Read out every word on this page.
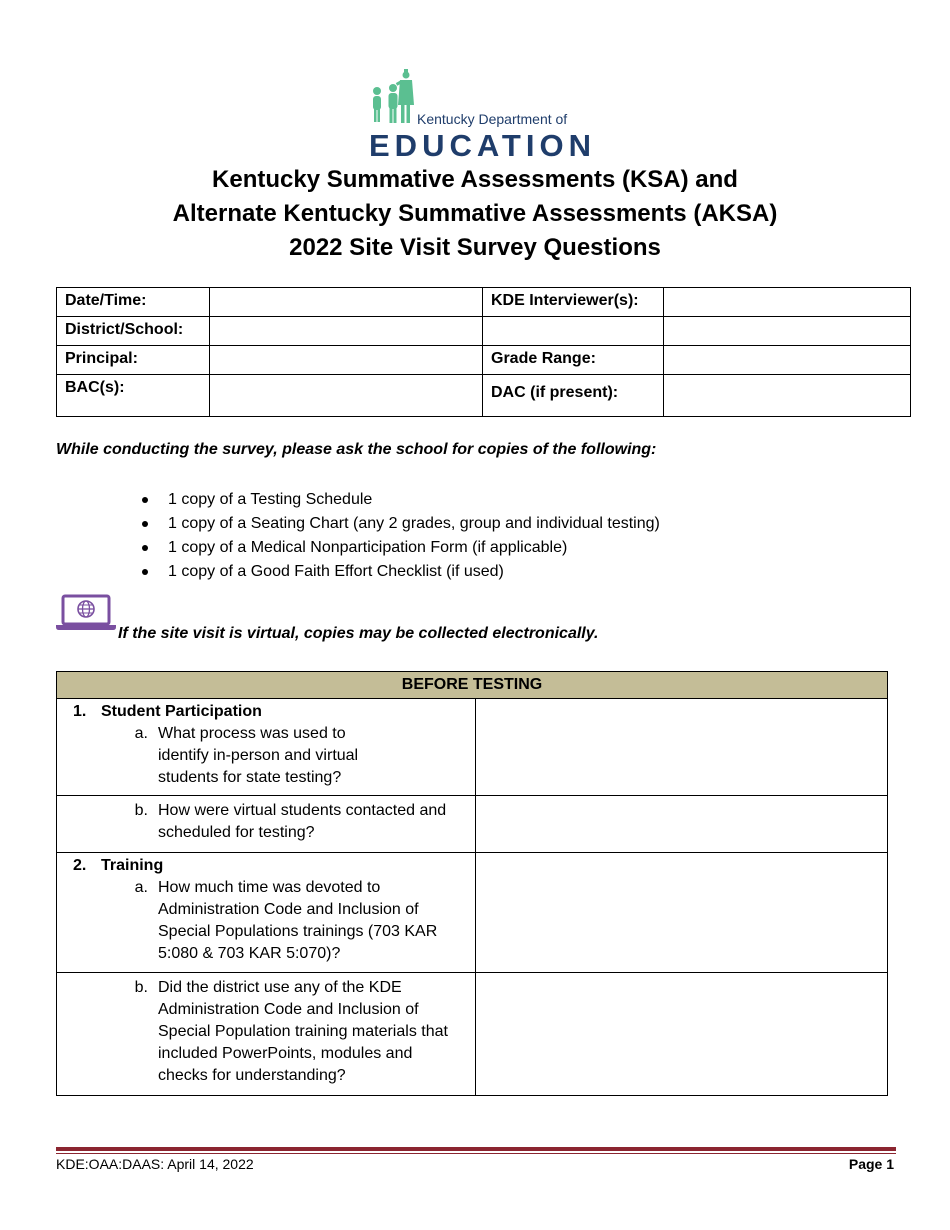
Kentucky Department of
EDUCATION
Kentucky Summative Assessments (KSA) and
Alternate Kentucky Summative Assessments (AKSA)
2022 Site Visit Survey Questions
Date/Time:		KDE Interviewer(s):	
District/School:			
Principal:		Grade Range:	
BAC(s):		DAC (if present):	
While conducting the survey, please ask the school for copies of the following:
1 copy of a Testing Schedule
1 copy of a Seating Chart (any 2 grades, group and individual testing)
1 copy of a Medical Nonparticipation Form (if applicable)
1 copy of a Good Faith Effort Checklist (if used)
If the site visit is virtual, copies may be collected electronically.
BEFORE TESTING	

1. Student Participation
a. What process was used to identify in-person and virtual students for state testing?	

b. How were virtual students contacted and scheduled for testing?	

2. Training
a. How much time was devoted to Administration Code and Inclusion of Special Populations trainings (703 KAR 5:080 & 703 KAR 5:070)?	

b. Did the district use any of the KDE Administration Code and Inclusion of Special Population training materials that included PowerPoints, modules and checks for understanding?	

KDE:OAA:DAAS: April 14, 2022	Page 1
